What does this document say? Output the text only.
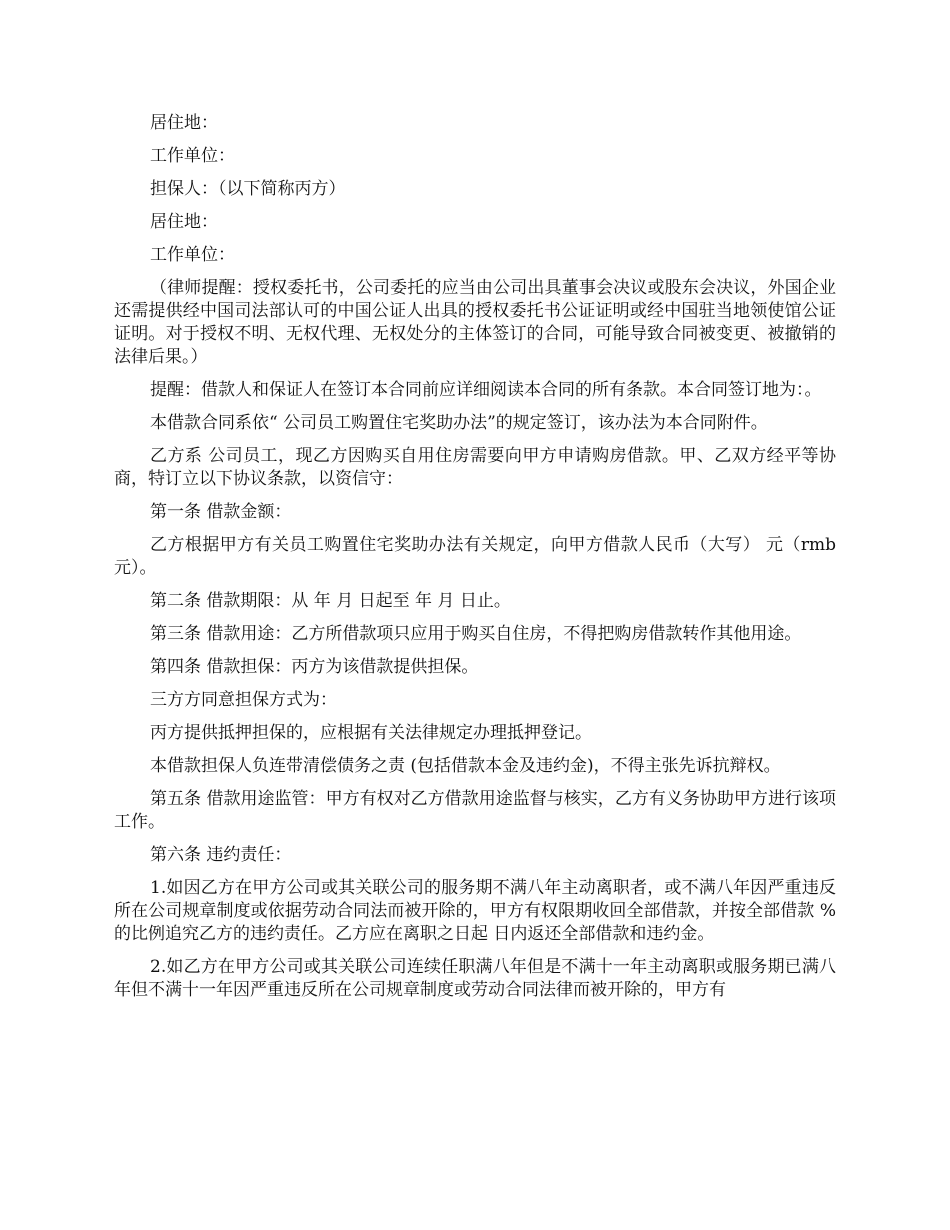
居住地：

工作单位：

担保人：（以下简称丙方）

居住地：

工作单位：

（律师提醒：授权委托书，公司委托的应当由公司出具董事会决议或股东会决议，外国企业还需提供经中国司法部认可的中国公证人出具的授权委托书公证证明或经中国驻当地领使馆公证证明。对于授权不明、无权代理、无权处分的主体签订的合同，可能导致合同被变更、被撤销的法律后果。）

提醒：借款人和保证人在签订本合同前应详细阅读本合同的所有条款。本合同签订地为：。

本借款合同系依“ 公司员工购置住宅奖助办法”的规定签订，该办法为本合同附件。

乙方系 公司员工，现乙方因购买自用住房需要向甲方申请购房借款。甲、乙双方经平等协商，特订立以下协议条款，以资信守：

第一条 借款金额：

乙方根据甲方有关员工购置住宅奖助办法有关规定，向甲方借款人民币（大写） 元（rmb 元）。

第二条 借款期限：从 年 月 日起至 年 月 日止。

第三条 借款用途：乙方所借款项只应用于购买自住房，不得把购房借款转作其他用途。

第四条 借款担保：丙方为该借款提供担保。

三方方同意担保方式为：

丙方提供抵押担保的，应根据有关法律规定办理抵押登记。

本借款担保人负连带清偿债务之责 (包括借款本金及违约金)，不得主张先诉抗辩权。

第五条 借款用途监管：甲方有权对乙方借款用途监督与核实，乙方有义务协助甲方进行该项工作。

第六条 违约责任：

1.如因乙方在甲方公司或其关联公司的服务期不满八年主动离职者，或不满八年因严重违反所在公司规章制度或依据劳动合同法而被开除的，甲方有权限期收回全部借款，并按全部借款 %的比例追究乙方的违约责任。乙方应在离职之日起 日内返还全部借款和违约金。

2.如乙方在甲方公司或其关联公司连续任职满八年但是不满十一年主动离职或服务期已满八年但不满十一年因严重违反所在公司规章制度或劳动合同法律而被开除的，甲方有
